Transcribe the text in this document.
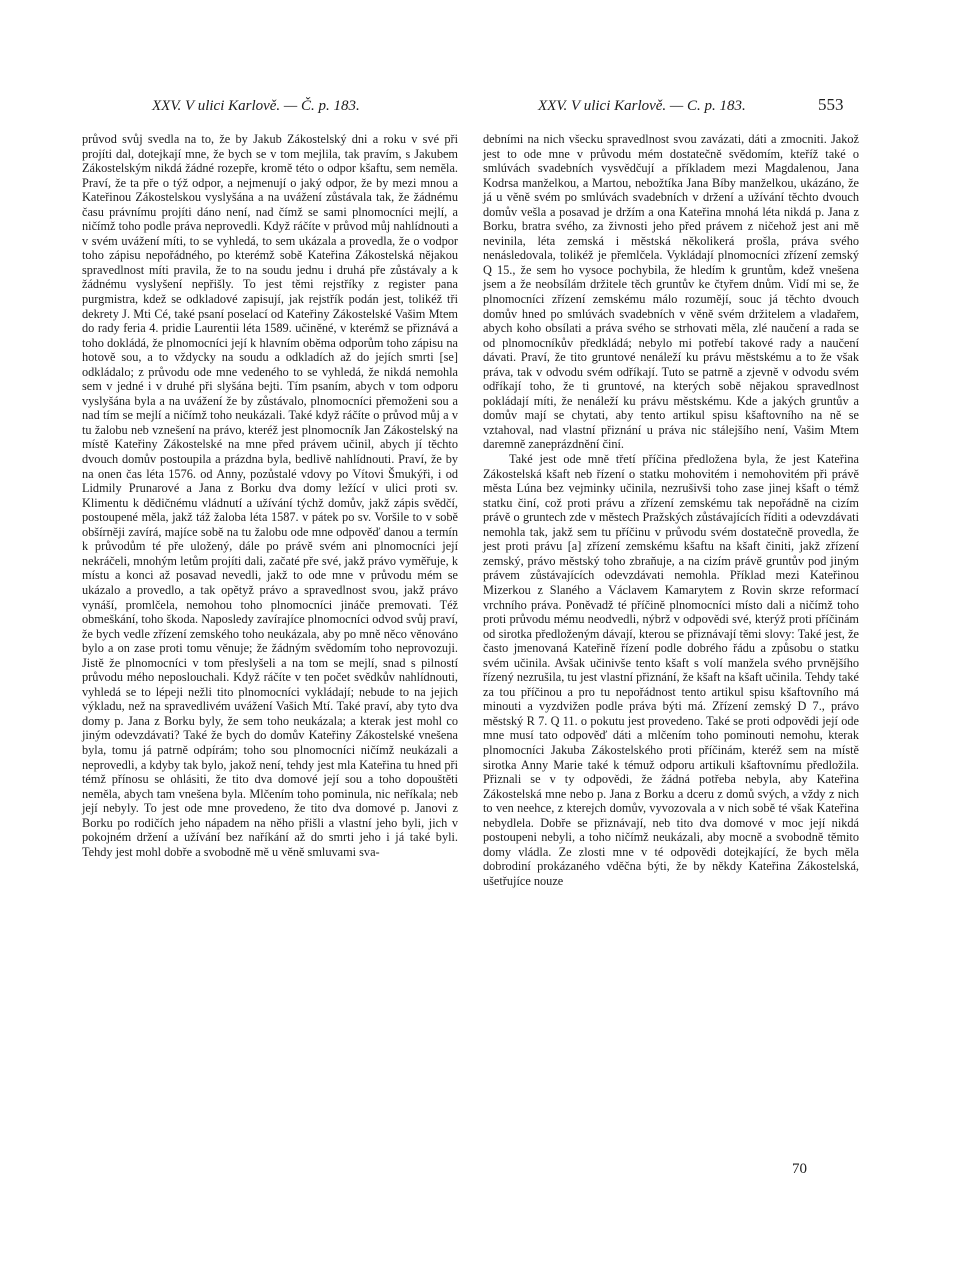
XXV. V ulici Karlově. — Č. p. 183.	XXV. V ulici Karlově. — C. p. 183.	553

průvod svůj svedla na to, že by Jakub Zákostelský dni a roku v své při projíti dal, dotejkají mne, že bych se v tom mejlila, tak pravím, s Jakubem Zákostelským nikdá žádné rozepře, kromě této o odpor kšaftu, sem neměla. Praví, že ta pře o týž odpor, a nejmenují o jaký odpor, že by mezi mnou a Kateřinou Zákostelskou vyslyšána a na uvážení zůstávala tak, že žádnému času právnímu projíti dáno není, nad čímž se sami plnomocníci mejlí, a ničímž toho podle práva neprovedli. Když ráčíte v průvod můj nahlídnouti a v svém uvážení míti, to se vyhledá, to sem ukázala a provedla, že o vodpor toho zápisu nepořádného, po kterémž sobě Kateřina Zákostelská nějakou spravedlnost míti pravila, že to na soudu jednu i druhá pře zůstávaly a k žádnému vyslyšení nepřišly. To jest těmi rejstříky z register pana purgmistra, kdež se odkladové zapisují, jak rejstřík podán jest, tolikéž tři dekrety J. Mti Cé, také psaní poselací od Kateřiny Zákostelské Vašim Mtem do rady feria 4. pridie Laurentii léta 1589. učiněné, v kterémž se přiznává a toho dokládá, že plnomocníci její k hlavním oběma odporům toho zápisu na hotově sou, a to vždycky na soudu a odkladích až do jejích smrti [se] odkládalo; z průvodu ode mne vedeného to se vyhledá, že nikdá nemohla sem v jedné i v druhé při slyšána bejti. Tím psaním, abych v tom odporu vyslyšána byla a na uvážení že by zůstávalo, plnomocníci přemoženi sou a nad tím se mejlí a ničímž toho neukázali. Také když ráčíte o průvod můj a v tu žalobu neb vznešení na právo, kteréž jest plnomocník Jan Zákostelský na místě Kateřiny Zákostelské na mne před právem učinil, abych jí těchto dvouch domův postoupila a prázdna byla, bedlivě nahlídnouti. Praví, že by na onen čas léta 1576. od Anny, pozůstalé vdovy po Vítovi Šmukýři, i od Lidmily Prunarové a Jana z Borku dva domy ležící v ulici proti sv. Klimentu k dědičnému vládnutí a užívání týchž domův, jakž zápis svědčí, postoupené měla, jakž táž žaloba léta 1587. v pátek po sv. Voršile to v sobě obšírněji zavírá, majíce sobě na tu žalobu ode mne odpověď danou a termín k průvodům té pře uložený, dále po právě svém ani plnomocníci její nekráčeli, mnohým letům projíti dali, začaté pře své, jakž právo vyměřuje, k místu a konci až posavad nevedli, jakž to ode mne v průvodu mém se ukázalo a provedlo, a tak opětyž právo a spravedlnost svou, jakž právo vynáší, promlčela, nemohou toho plnomocníci jináče premovati. Též obmeškání, toho škoda. Naposledy zavírajíce plnomocníci odvod svůj praví, že bych vedle zřízení zemského toho neukázala, aby po mně něco věnováno bylo a on zase proti tomu věnuje; že žádným svědomím toho neprovozuji. Jistě že plnomocníci v tom přeslyšeli a na tom se mejlí, snad s pilností průvodu mého neposlouchali. Když ráčíte v ten počet svědkův nahlídnouti, vyhledá se to lépeji nežli tito plnomocníci vykládají; nebude to na jejich výkladu, než na spravedlivém uvážení Vašich Mtí. Také praví, aby tyto dva domy p. Jana z Borku byly, že sem toho neukázala; a kterak jest mohl co jiným odevzdávati? Také že bych do domův Kateřiny Zákostelské vnešena byla, tomu já patrně odpírám; toho sou plnomocníci ničímž neukázali a neprovedli, a kdyby tak bylo, jakož není, tehdy jest mla Kateřina tu hned při témž přínosu se ohlásiti, že tito dva domové její sou a toho dopouštěti neměla, abych tam vnešena byla. Mlčením toho pominula, nic neříkala; neb její nebyly. To jest ode mne provedeno, že tito dva domové p. Janovi z Borku po rodičích jeho nápadem na něho přišli a vlastní jeho byli, jich v pokojném držení a užívání bez naříkání až do smrti jeho i já také byli. Tehdy jest mohl dobře a svobodně mě u věně smluvami sva-

debními na nich všecku spravedlnost svou zavázati, dáti a zmocniti. Jakož jest to ode mne v průvodu mém dostatečně svědomím, kteříž také o smlúvách svadebních vysvědčují a příkladem mezi Magdalenou, Jana Kodrsa manželkou, a Martou, nebožtíka Jana Bíby manželkou, ukázáno, že já u věně svém po smlúvách svadebních v držení a užívání těchto dvouch domův vešla a posavad je držím a ona Kateřina mnohá léta nikdá p. Jana z Borku, bratra svého, za živnosti jeho před právem z ničehož jest ani mě nevinila, léta zemská i městská několikerá prošla, práva svého nenásledovala, tolikéž je přemlčela. Vykládají plnomocníci zřízení zemský Q 15., že sem ho vysoce pochybila, že hledím k gruntům, kdež vnešena jsem a že neobsílám držitele těch gruntův ke čtyřem dnům. Vidí mi se, že plnomocníci zřízení zemskému málo rozumějí, souc já těchto dvouch domův hned po smlúvách svadebních v věně svém držitelem a vladařem, abych koho obsílati a práva svého se strhovati měla, zlé naučení a rada se od plnomocníkův předkládá; nebylo mi potřebí takové rady a naučení dávati. Praví, že tito gruntové nenáleží ku právu městskému a to že však práva, tak v odvodu svém odříkají. Tuto se patrně a zjevně v odvodu svém odříkají toho, že ti gruntové, na kterých sobě nějakou spravedlnost pokládají míti, že nenáleží ku právu městskému. Kde a jakých gruntův a domův mají se chytati, aby tento artikul spisu kšaftovního na ně se vztahoval, nad vlastní přiznání u práva nic stálejšího není, Vašim Mtem daremně zaneprázdnění činí.

Také jest ode mně třetí příčina předložena byla, že jest Kateřina Zákostelská kšaft neb řízení o statku mohovitém i nemohovitém při právě města Lúna bez vejminky učinila, nezrušivši toho zase jinej kšaft o témž statku činí, což proti právu a zřízení zemskému tak nepořádně na cizím právě o gruntech zde v městech Pražských zůstávajících říditi a odevzdávati nemohla tak, jakž sem tu příčinu v průvodu svém dostatečně provedla, že jest proti právu [a] zřízení zemskému kšaftu na kšaft činiti, jakž zřízení zemský, právo městský toho zbraňuje, a na cizím právě gruntův pod jiným právem zůstávajících odevzdávati nemohla. Příklad mezi Kateřinou Mizerkou z Slaného a Václavem Kamarytem z Rovin skrze reformací vrchního práva. Poněvadž té příčině plnomocníci místo dali a ničímž toho proti průvodu mému neodvedli, nýbrž v odpovědi své, kterýž proti příčinám od sirotka předloženým dávají, kterou se přiznávají těmi slovy: Také jest, že často jmenovaná Kateřině řízení podle dobrého řádu a způsobu o statku svém učinila. Avšak učinivše tento kšaft s volí manžela svého prvnějšího řízený nezrušila, tu jest vlastní přiznání, že kšaft na kšaft učinila. Tehdy také za tou příčinou a pro tu nepořádnost tento artikul spisu kšaftovního má minouti a vyzdvižen podle práva býti má. Zřízení zemský D 7., právo městský R 7. Q 11. o pokutu jest provedeno. Také se proti odpovědi její ode mne musí tato odpověď dáti a mlčením toho pominouti nemohu, kterak plnomocníci Jakuba Zákostelského proti příčinám, kteréž sem na místě sirotka Anny Marie také k témuž odporu artikuli kšaftovnímu předložila. Přiznali se v ty odpovědi, že žádná potřeba nebyla, aby Kateřina Zákostelská mne nebo p. Jana z Borku a dceru z domů svých, a vždy z nich to ven neehce, z kterejch domův, vyvozovala a v nich sobě té však Kateřina nebydlela. Dobře se přiznávají, neb tito dva domové v moc její nikdá postoupeni nebyli, a toho ničímž neukázali, aby mocně a svobodně těmito domy vládla. Ze zlosti mne v té odpovědi dotejkající, že bych měla dobrodiní prokázaného vděčna býti, že by někdy Kateřina Zákostelská, ušetřujíce nouze

70
